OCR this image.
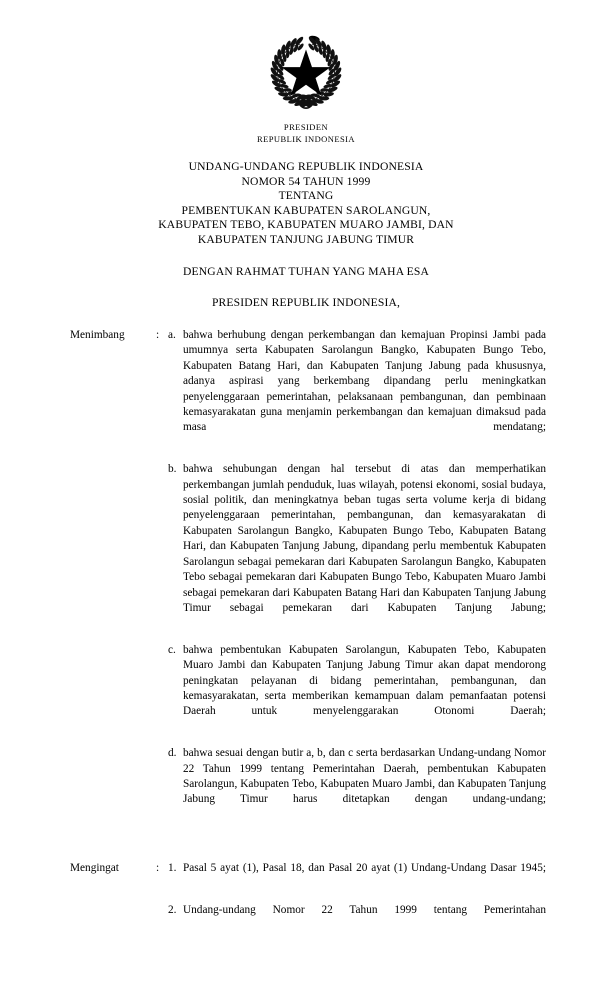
PRESIDEN
REPUBLIK INDONESIA
UNDANG-UNDANG REPUBLIK INDONESIA
NOMOR 54 TAHUN 1999
TENTANG
PEMBENTUKAN KABUPATEN SAROLANGUN,
KABUPATEN TEBO, KABUPATEN MUARO JAMBI, DAN
KABUPATEN TANJUNG JABUNG TIMUR
DENGAN RAHMAT TUHAN YANG MAHA ESA
PRESIDEN REPUBLIK INDONESIA,
Menimbang	: a. bahwa berhubung dengan perkembangan dan kemajuan Propinsi Jambi pada umumnya serta Kabupaten Sarolangun Bangko, Kabupaten Bungo Tebo, Kabupaten Batang Hari, dan Kabupaten Tanjung Jabung pada khususnya, adanya aspirasi yang berkembang dipandang perlu meningkatkan penyelenggaraan pemerintahan, pelaksanaan pembangunan, dan pembinaan kemasyarakatan guna menjamin perkembangan dan kemajuan dimaksud pada masa mendatang;
b. bahwa sehubungan dengan hal tersebut di atas dan memperhatikan perkembangan jumlah penduduk, luas wilayah, potensi ekonomi, sosial budaya, sosial politik, dan meningkatnya beban tugas serta volume kerja di bidang penyelenggaraan pemerintahan, pembangunan, dan kemasyarakatan di Kabupaten Sarolangun Bangko, Kabupaten Bungo Tebo, Kabupaten Batang Hari, dan Kabupaten Tanjung Jabung, dipandang perlu membentuk Kabupaten Sarolangun sebagai pemekaran dari Kabupaten Sarolangun Bangko, Kabupaten Tebo sebagai pemekaran dari Kabupaten Bungo Tebo, Kabupaten Muaro Jambi sebagai pemekaran dari Kabupaten Batang Hari dan Kabupaten Tanjung Jabung Timur sebagai pemekaran dari Kabupaten Tanjung Jabung;
c. bahwa pembentukan Kabupaten Sarolangun, Kabupaten Tebo, Kabupaten Muaro Jambi dan Kabupaten Tanjung Jabung Timur akan dapat mendorong peningkatan pelayanan di bidang pemerintahan, pembangunan, dan kemasyarakatan, serta memberikan kemampuan dalam pemanfaatan potensi Daerah untuk menyelenggarakan Otonomi Daerah;
d. bahwa sesuai dengan butir a, b, dan c serta berdasarkan Undang-undang Nomor 22 Tahun 1999 tentang Pemerintahan Daerah, pembentukan Kabupaten Sarolangun, Kabupaten Tebo, Kabupaten Muaro Jambi, dan Kabupaten Tanjung Jabung Timur harus ditetapkan dengan undang-undang;
Mengingat	: 1. Pasal 5 ayat (1), Pasal 18, dan Pasal 20 ayat (1) Undang-Undang Dasar 1945;
2. Undang-undang Nomor 22 Tahun 1999 tentang Pemerintahan
